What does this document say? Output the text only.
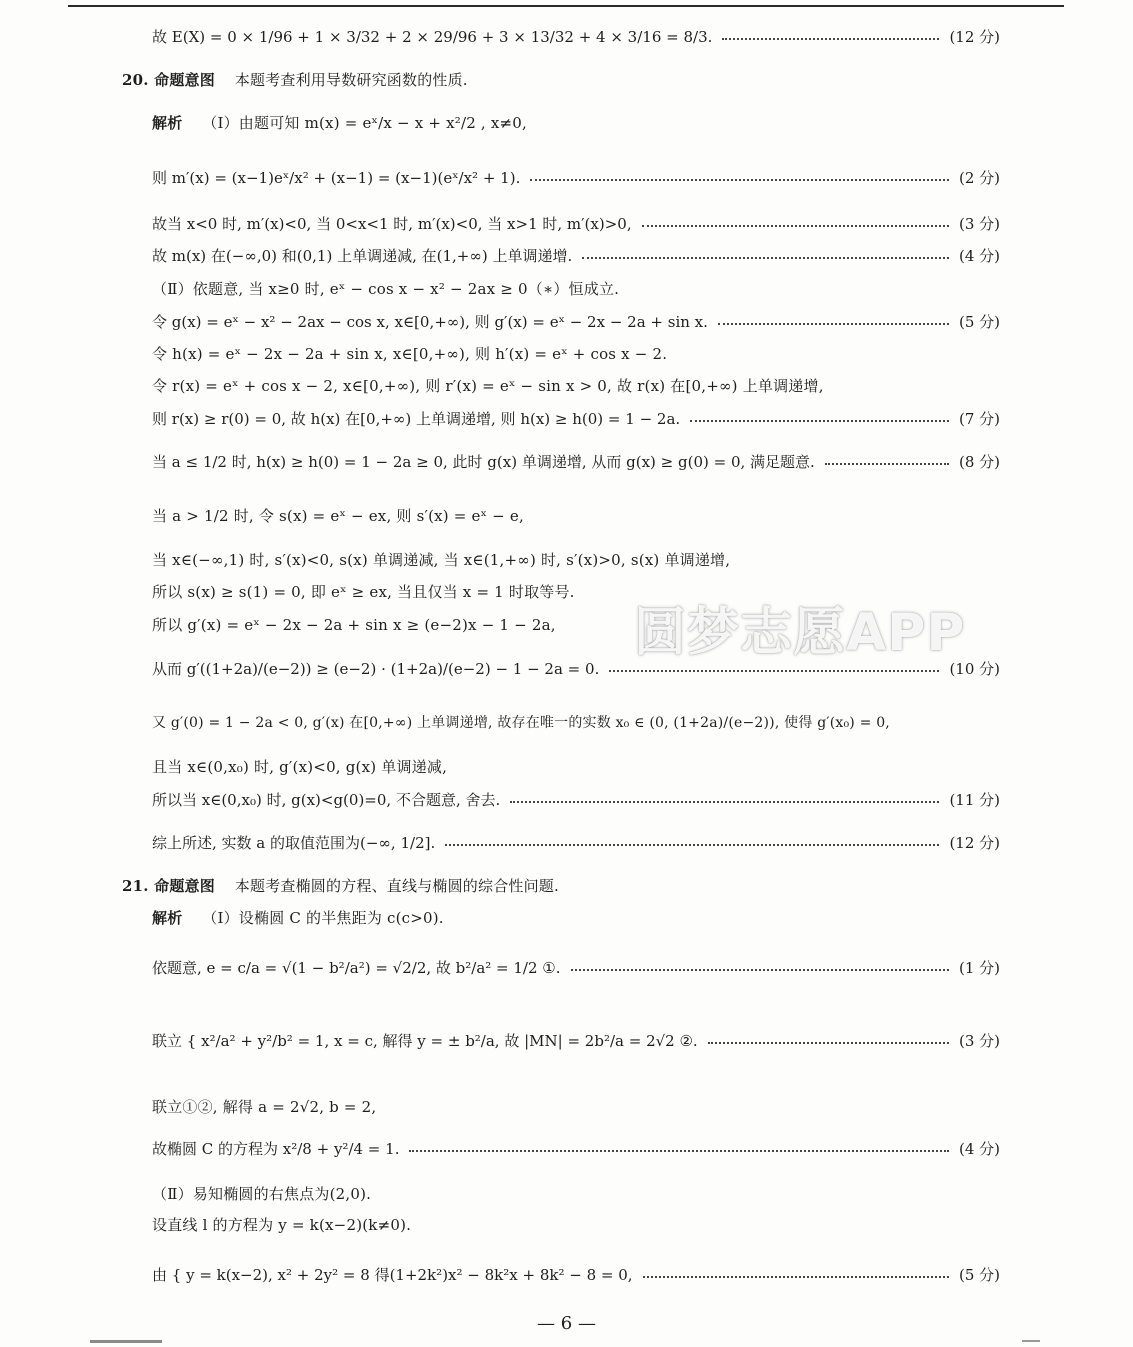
故 E(X) = 0 × 1/96 + 1 × 3/32 + 2 × 29/96 + 3 × 13/32 + 4 × 3/16 = 8/3.	(12 分)
20. 命题意图 本题考查利用导数研究函数的性质.
解析 （Ⅰ）由题可知 m(x) = eˣ/x − x + x²/2 , x≠0,
则 m′(x) = (x−1)eˣ/x² + (x−1) = (x−1)(eˣ/x² + 1).	(2 分)
故当 x<0 时, m′(x)<0, 当 0<x<1 时, m′(x)<0, 当 x>1 时, m′(x)>0,	(3 分)
故 m(x) 在(−∞,0) 和(0,1) 上单调递减, 在(1,+∞) 上单调递增.	(4 分)
（Ⅱ）依题意, 当 x≥0 时, eˣ − cos x − x² − 2ax ≥ 0（∗）恒成立.
令 g(x) = eˣ − x² − 2ax − cos x, x∈[0,+∞), 则 g′(x) = eˣ − 2x − 2a + sin x.	(5 分)
令 h(x) = eˣ − 2x − 2a + sin x, x∈[0,+∞), 则 h′(x) = eˣ + cos x − 2.
令 r(x) = eˣ + cos x − 2, x∈[0,+∞), 则 r′(x) = eˣ − sin x > 0, 故 r(x) 在[0,+∞) 上单调递增,
则 r(x) ≥ r(0) = 0, 故 h(x) 在[0,+∞) 上单调递增, 则 h(x) ≥ h(0) = 1 − 2a.	(7 分)
当 a ≤ 1/2 时, h(x) ≥ h(0) = 1 − 2a ≥ 0, 此时 g(x) 单调递增, 从而 g(x) ≥ g(0) = 0, 满足题意.	(8 分)
当 a > 1/2 时, 令 s(x) = eˣ − ex, 则 s′(x) = eˣ − e,
当 x∈(−∞,1) 时, s′(x)<0, s(x) 单调递减, 当 x∈(1,+∞) 时, s′(x)>0, s(x) 单调递增,
所以 s(x) ≥ s(1) = 0, 即 eˣ ≥ ex, 当且仅当 x = 1 时取等号.
所以 g′(x) = eˣ − 2x − 2a + sin x ≥ (e−2)x − 1 − 2a,
从而 g′((1+2a)/(e−2)) ≥ (e−2) · (1+2a)/(e−2) − 1 − 2a = 0.	(10 分)
又 g′(0) = 1 − 2a < 0, g′(x) 在[0,+∞) 上单调递增, 故存在唯一的实数 x₀ ∈ (0, (1+2a)/(e−2)), 使得 g′(x₀) = 0,
且当 x∈(0,x₀) 时, g′(x)<0, g(x) 单调递减,
所以当 x∈(0,x₀) 时, g(x)<g(0)=0, 不合题意, 舍去.	(11 分)
综上所述, 实数 a 的取值范围为(−∞, 1/2].	(12 分)
21. 命题意图 本题考查椭圆的方程、直线与椭圆的综合性问题.
解析 （Ⅰ）设椭圆 C 的半焦距为 c(c>0).
依题意, e = c/a = √(1 − b²/a²) = √2/2, 故 b²/a² = 1/2 ①.	(1 分)
联立 { x²/a² + y²/b² = 1, x = c, 解得 y = ± b²/a, 故 |MN| = 2b²/a = 2√2 ②.	(3 分)
联立①②, 解得 a = 2√2, b = 2,
故椭圆 C 的方程为 x²/8 + y²/4 = 1.	(4 分)
（Ⅱ）易知椭圆的右焦点为(2,0).
设直线 l 的方程为 y = k(x−2)(k≠0).
由 { y = k(x−2), x² + 2y² = 8 得(1+2k²)x² − 8k²x + 8k² − 8 = 0,	(5 分)
圆梦志愿APP
— 6 —
